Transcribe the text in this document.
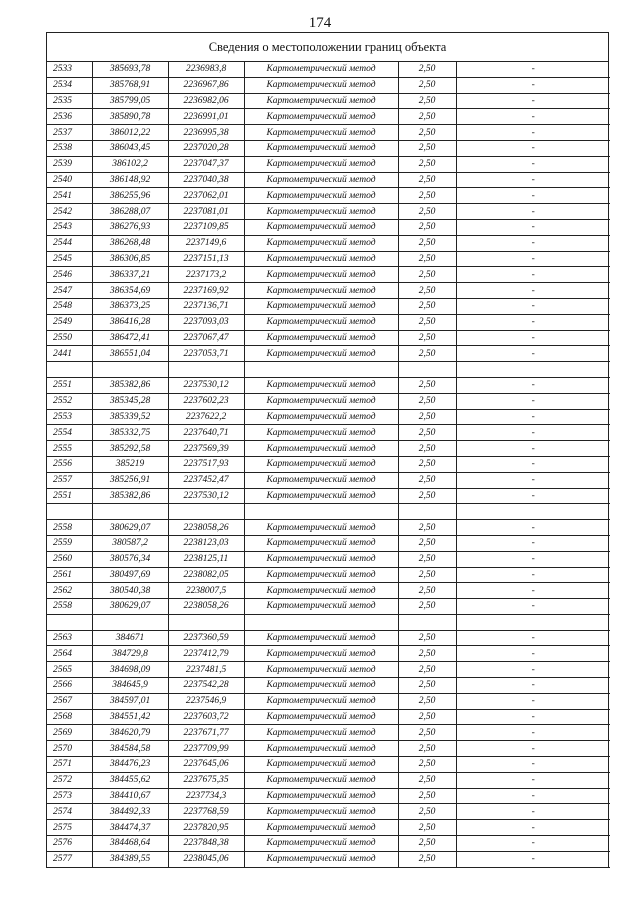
174
Сведения о местоположении границ объекта
2533	385693,78	2236983,8	Картометрический метод	2,50	-
2534	385768,91	2236967,86	Картометрический метод	2,50	-
2535	385799,05	2236982,06	Картометрический метод	2,50	-
2536	385890,78	2236991,01	Картометрический метод	2,50	-
2537	386012,22	2236995,38	Картометрический метод	2,50	-
2538	386043,45	2237020,28	Картометрический метод	2,50	-
2539	386102,2	2237047,37	Картометрический метод	2,50	-
2540	386148,92	2237040,38	Картометрический метод	2,50	-
2541	386255,96	2237062,01	Картометрический метод	2,50	-
2542	386288,07	2237081,01	Картометрический метод	2,50	-
2543	386276,93	2237109,85	Картометрический метод	2,50	-
2544	386268,48	2237149,6	Картометрический метод	2,50	-
2545	386306,85	2237151,13	Картометрический метод	2,50	-
2546	386337,21	2237173,2	Картометрический метод	2,50	-
2547	386354,69	2237169,92	Картометрический метод	2,50	-
2548	386373,25	2237136,71	Картометрический метод	2,50	-
2549	386416,28	2237093,03	Картометрический метод	2,50	-
2550	386472,41	2237067,47	Картометрический метод	2,50	-
2441	386551,04	2237053,71	Картометрический метод	2,50	-

2551	385382,86	2237530,12	Картометрический метод	2,50	-
2552	385345,28	2237602,23	Картометрический метод	2,50	-
2553	385339,52	2237622,2	Картометрический метод	2,50	-
2554	385332,75	2237640,71	Картометрический метод	2,50	-
2555	385292,58	2237569,39	Картометрический метод	2,50	-
2556	385219	2237517,93	Картометрический метод	2,50	-
2557	385256,91	2237452,47	Картометрический метод	2,50	-
2551	385382,86	2237530,12	Картометрический метод	2,50	-

2558	380629,07	2238058,26	Картометрический метод	2,50	-
2559	380587,2	2238123,03	Картометрический метод	2,50	-
2560	380576,34	2238125,11	Картометрический метод	2,50	-
2561	380497,69	2238082,05	Картометрический метод	2,50	-
2562	380540,38	2238007,5	Картометрический метод	2,50	-
2558	380629,07	2238058,26	Картометрический метод	2,50	-

2563	384671	2237360,59	Картометрический метод	2,50	-
2564	384729,8	2237412,79	Картометрический метод	2,50	-
2565	384698,09	2237481,5	Картометрический метод	2,50	-
2566	384645,9	2237542,28	Картометрический метод	2,50	-
2567	384597,01	2237546,9	Картометрический метод	2,50	-
2568	384551,42	2237603,72	Картометрический метод	2,50	-
2569	384620,79	2237671,77	Картометрический метод	2,50	-
2570	384584,58	2237709,99	Картометрический метод	2,50	-
2571	384476,23	2237645,06	Картометрический метод	2,50	-
2572	384455,62	2237675,35	Картометрический метод	2,50	-
2573	384410,67	2237734,3	Картометрический метод	2,50	-
2574	384492,33	2237768,59	Картометрический метод	2,50	-
2575	384474,37	2237820,95	Картометрический метод	2,50	-
2576	384468,64	2237848,38	Картометрический метод	2,50	-
2577	384389,55	2238045,06	Картометрический метод	2,50	-
